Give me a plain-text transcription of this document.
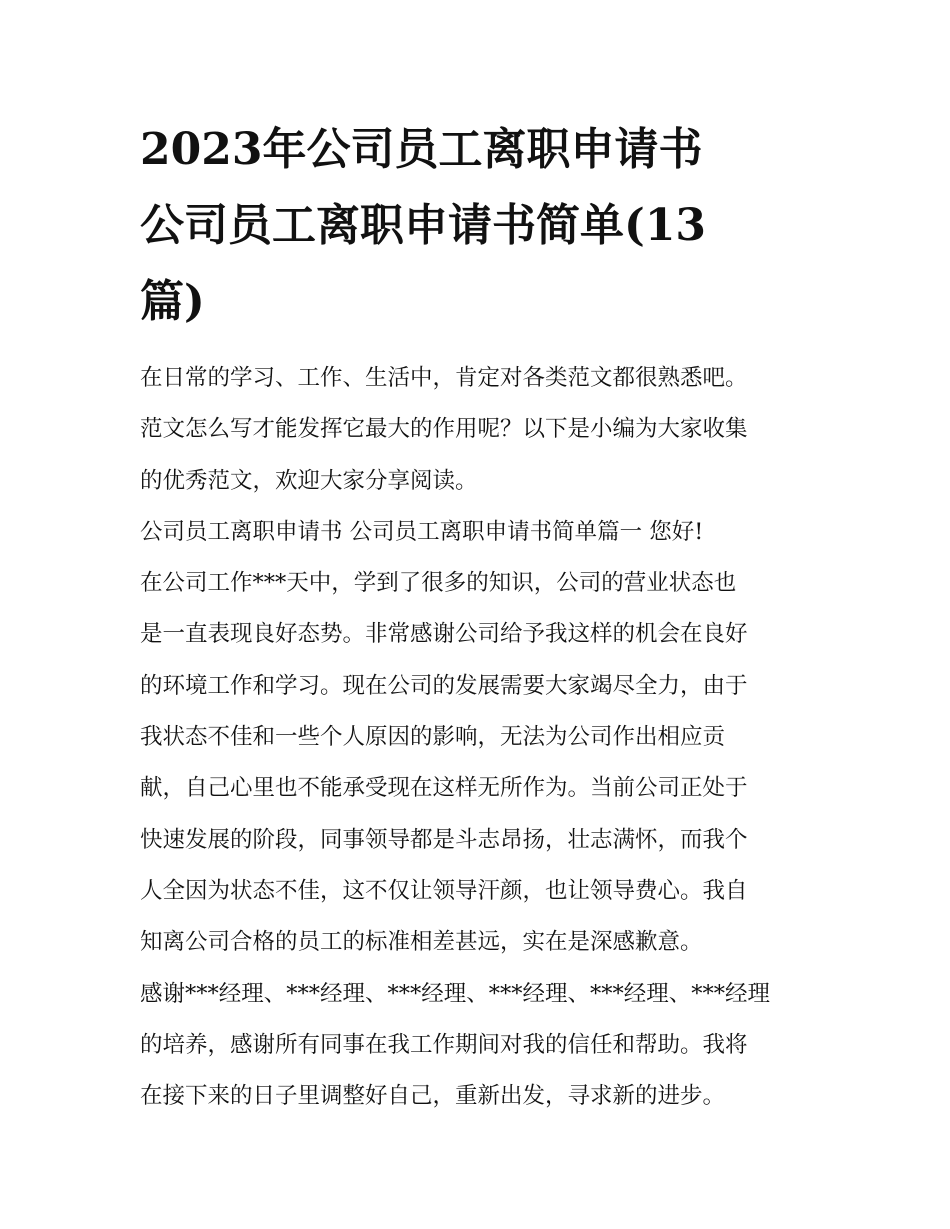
2023年公司员工离职申请书
公司员工离职申请书简单(13
篇)
在日常的学习、工作、生活中，肯定对各类范文都很熟悉吧。
范文怎么写才能发挥它最大的作用呢？以下是小编为大家收集
的优秀范文，欢迎大家分享阅读。
公司员工离职申请书 公司员工离职申请书简单篇一 您好!
在公司工作***天中，学到了很多的知识，公司的营业状态也
是一直表现良好态势。非常感谢公司给予我这样的机会在良好
的环境工作和学习。现在公司的发展需要大家竭尽全力，由于
我状态不佳和一些个人原因的影响，无法为公司作出相应贡
献，自己心里也不能承受现在这样无所作为。当前公司正处于
快速发展的阶段，同事领导都是斗志昂扬，壮志满怀，而我个
人全因为状态不佳，这不仅让领导汗颜，也让领导费心。我自
知离公司合格的员工的标准相差甚远，实在是深感歉意。
感谢***经理、***经理、***经理、***经理、***经理、***经理
的培养，感谢所有同事在我工作期间对我的信任和帮助。我将
在接下来的日子里调整好自己，重新出发，寻求新的进步。
